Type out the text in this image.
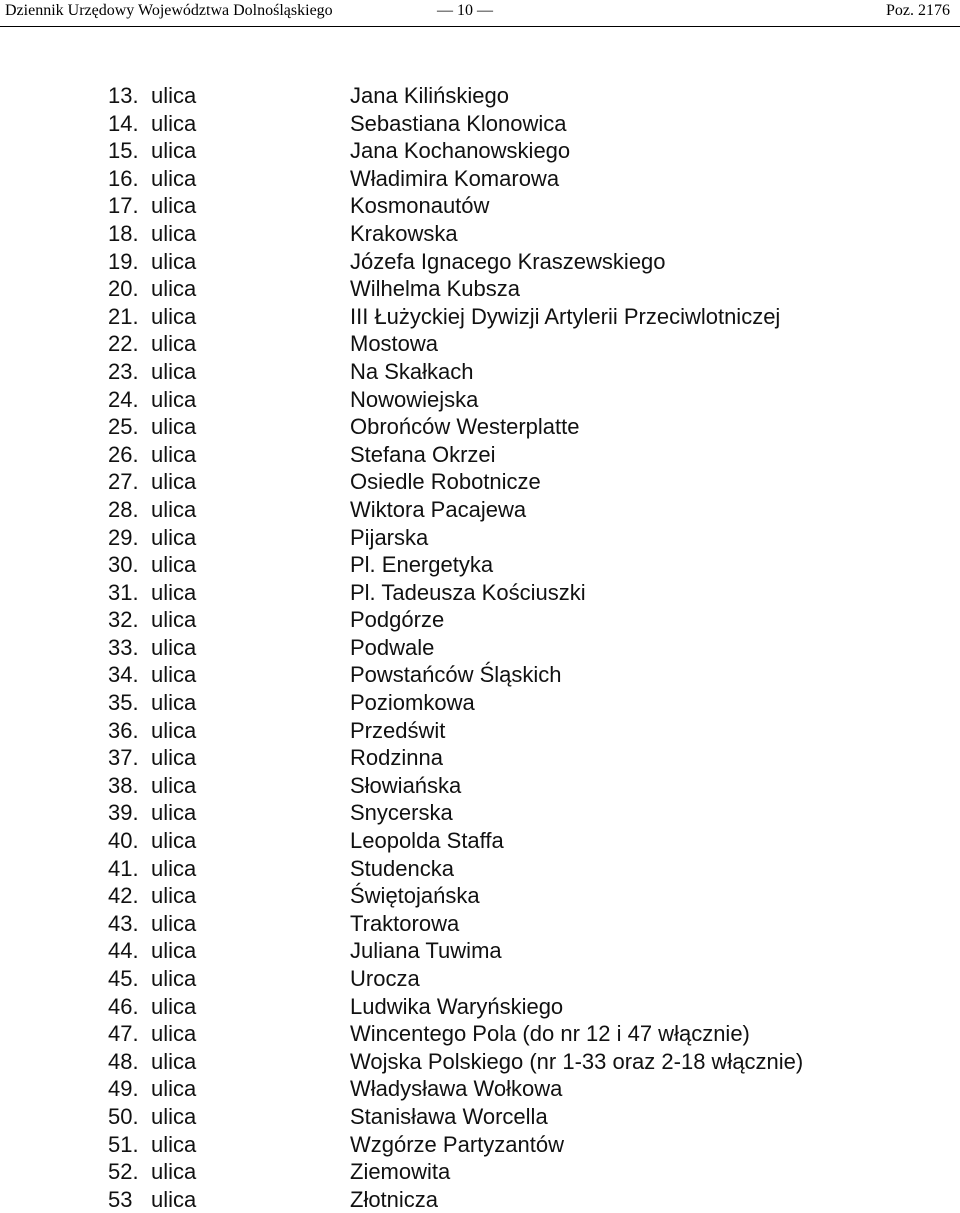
Dziennik Urzędowy Województwa Dolnośląskiego	— 10 —	Poz. 2176
13. ulica	Jana Kilińskiego
14. ulica	Sebastiana Klonowica
15. ulica	Jana Kochanowskiego
16. ulica	Władimira Komarowa
17. ulica	Kosmonautów
18. ulica	Krakowska
19. ulica	Józefa Ignacego Kraszewskiego
20. ulica	Wilhelma Kubsza
21. ulica	III Łużyckiej Dywizji Artylerii Przeciwlotniczej
22. ulica	Mostowa
23. ulica	Na Skałkach
24. ulica	Nowowiejska
25. ulica	Obrońców Westerplatte
26. ulica	Stefana Okrzei
27. ulica	Osiedle Robotnicze
28. ulica	Wiktora Pacajewa
29. ulica	Pijarska
30. ulica	Pl. Energetyka
31. ulica	Pl. Tadeusza Kościuszki
32. ulica	Podgórze
33. ulica	Podwale
34. ulica	Powstańców Śląskich
35. ulica	Poziomkowa
36. ulica	Przedświt
37. ulica	Rodzinna
38. ulica	Słowiańska
39. ulica	Snycerska
40. ulica	Leopolda Staffa
41. ulica	Studencka
42. ulica	Świętojańska
43. ulica	Traktorowa
44. ulica	Juliana Tuwima
45. ulica	Urocza
46. ulica	Ludwika Waryńskiego
47. ulica	Wincentego Pola (do nr 12 i 47 włącznie)
48. ulica	Wojska Polskiego (nr 1-33 oraz 2-18 włącznie)
49. ulica	Władysława Wołkowa
50. ulica	Stanisława Worcella
51. ulica	Wzgórze Partyzantów
52. ulica	Ziemowita
53 ulica	Złotnicza
